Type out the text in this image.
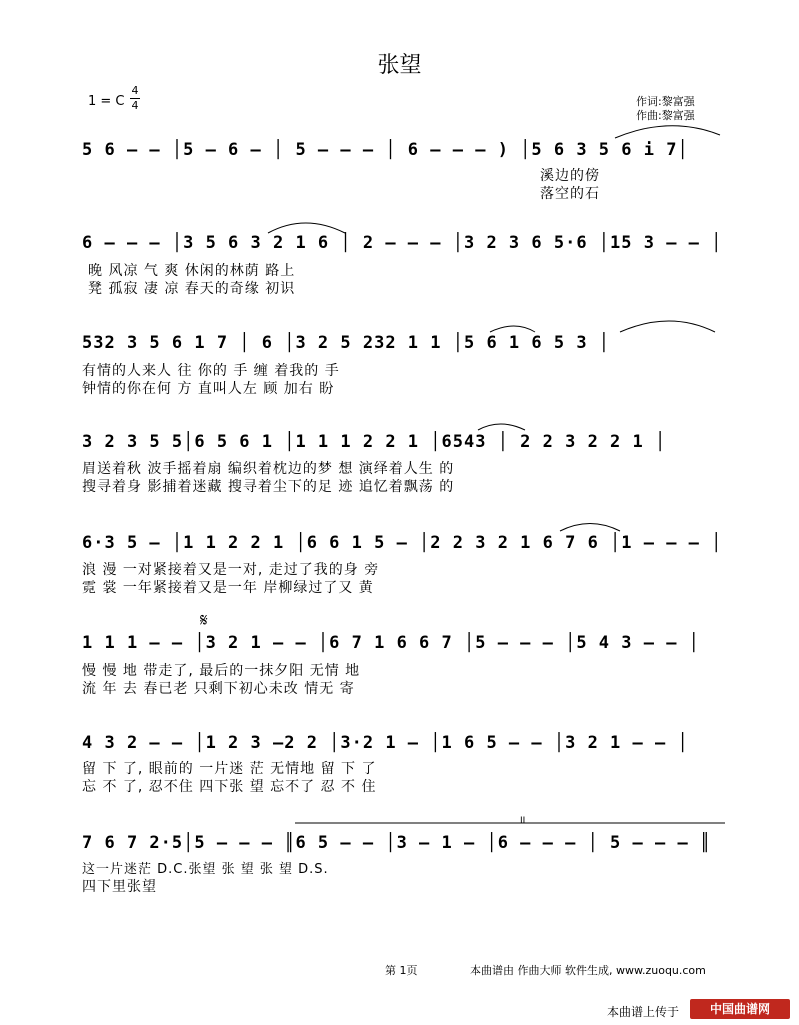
张望
1 = C
4
4	作词:黎富强
作曲:黎富强
5 6 – – │5 – 6 – │ 5 – – – │ 6 – – – ) │5 6 3 5 6 i 7│
溪边的傍
落空的石
6 – – – │3 5 6 3 2 1 6 │ 2 – – – │3 2 3 6 5·6 │15 3 – – │
晚 风凉 气 爽 休闲的林荫 路上
凳 孤寂 凄 凉 春天的奇缘 初识
532 3 5 6 1 7 │ 6 │3 2 5 232 1 1 │5 6 1 6 5 3 │
有情的人来人 往 你的 手 缠 着我的 手
钟情的你在何 方 直叫人左 顾 加右 盼
3 2 3 5 5│6 5 6 1 │1 1 1 2 2 1 │6543 │ 2 2 3 2 2 1 │
眉送着秋 波手摇着扇 编织着枕边的梦 想 演绎着人生 的
搜寻着身 影捕着迷藏 搜寻着尘下的足 迹 追忆着飘荡 的
6·3 5 – │1 1 2 2 1 │6 6 1 5 – │2 2 3 2 1 6 7 6 │1 – – – │
浪 漫 一对紧接着又是一对, 走过了我的身 旁
霓 裳 一年紧接着又是一年 岸柳绿过了又 黄
𝄋
1 1 1 – – │3 2 1 – – │6 7 1 6 6 7 │5 – – – │5 4 3 – – │
慢 慢 地 带走了, 最后的一抹夕阳 无情 地
流 年 去 春已老 只剩下初心未改 情无 寄
4 3 2 – – │1 2 3 –2 2 │3·2 1 – │1 6 5 – – │3 2 1 – – │
留 下 了, 眼前的 一片迷 茫 无情地 留 下 了
忘 不 了, 忍不住 四下张 望 忘不了 忍 不 住
II
7 6 7 2·5│5 – – – ║6 5 – – │3 – 1 – │6 – – – │ 5 – – – ║
这一片迷茫 D.C.张望 张 望 张 望 D.S.
四下里张望
第 1页	本曲谱由 作曲大师 软件生成, www.zuoqu.com
本曲谱上传于	中国曲谱网
